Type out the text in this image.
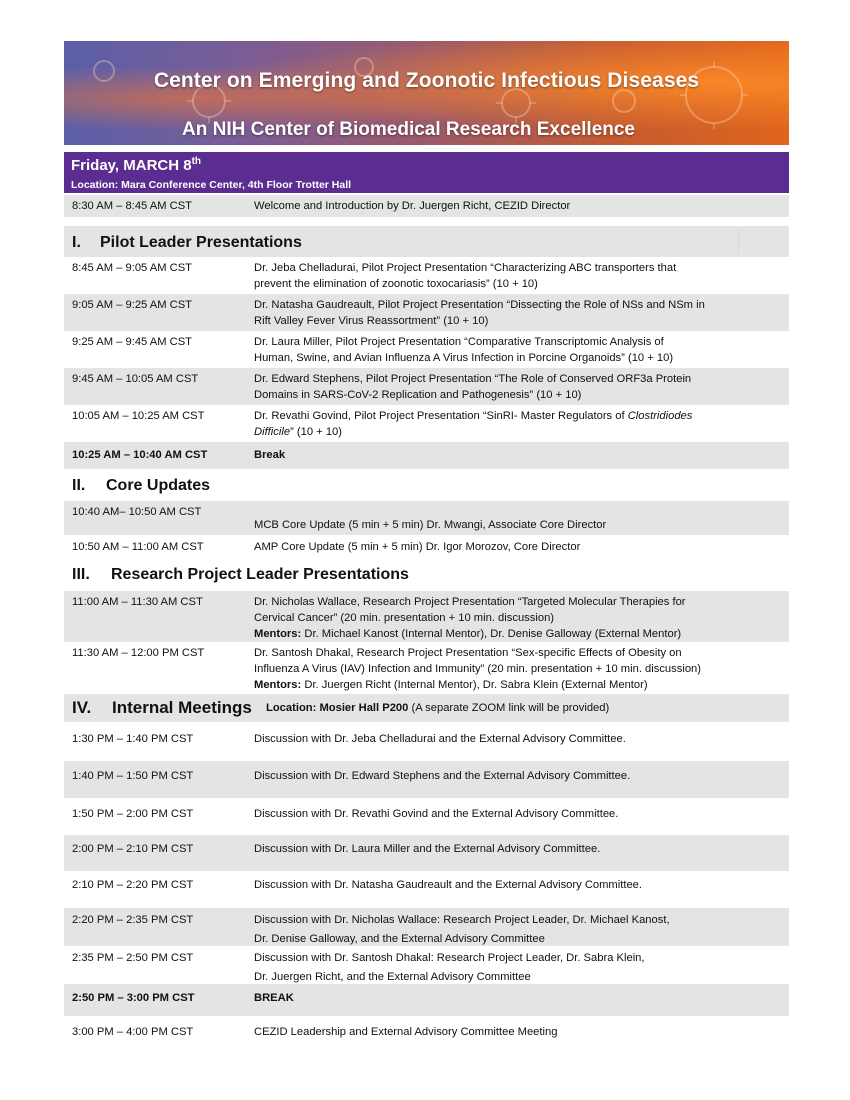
Center on Emerging and Zoonotic Infectious Diseases
An NIH Center of Biomedical Research Excellence
Friday, MARCH 8th
Location: Mara Conference Center, 4th Floor Trotter Hall
8:30 AM – 8:45 AM CST	Welcome and Introduction by Dr. Juergen Richt, CEZID Director
I. Pilot Leader Presentations
8:45 AM – 9:05 AM CST	Dr. Jeba Chelladurai, Pilot Project Presentation “Characterizing ABC transporters that
prevent the elimination of zoonotic toxocariasis” (10 + 10)
9:05 AM – 9:25 AM CST	Dr. Natasha Gaudreault, Pilot Project Presentation “Dissecting the Role of NSs and NSm in
Rift Valley Fever Virus Reassortment” (10 + 10)
9:25 AM – 9:45 AM CST	Dr. Laura Miller, Pilot Project Presentation “Comparative Transcriptomic Analysis of
Human, Swine, and Avian Influenza A Virus Infection in Porcine Organoids” (10 + 10)
9:45 AM – 10:05 AM CST	Dr. Edward Stephens, Pilot Project Presentation “The Role of Conserved ORF3a Protein
Domains in SARS-CoV-2 Replication and Pathogenesis” (10 + 10)
10:05 AM – 10:25 AM CST	Dr. Revathi Govind, Pilot Project Presentation “SinRI- Master Regulators of Clostridiodes
Difficile” (10 + 10)
10:25 AM – 10:40 AM CST	Break
II. Core Updates
10:40 AM– 10:50 AM CST
MCB Core Update (5 min + 5 min) Dr. Mwangi, Associate Core Director
10:50 AM – 11:00 AM CST	AMP Core Update (5 min + 5 min) Dr. Igor Morozov, Core Director
III. Research Project Leader Presentations
11:00 AM – 11:30 AM CST	Dr. Nicholas Wallace, Research Project Presentation “Targeted Molecular Therapies for
Cervical Cancer” (20 min. presentation + 10 min. discussion)
Mentors: Dr. Michael Kanost (Internal Mentor), Dr. Denise Galloway (External Mentor)
11:30 AM – 12:00 PM CST	Dr. Santosh Dhakal, Research Project Presentation “Sex-specific Effects of Obesity on
Influenza A Virus (IAV) Infection and Immunity” (20 min. presentation + 10 min. discussion)
Mentors: Dr. Juergen Richt (Internal Mentor), Dr. Sabra Klein (External Mentor)
IV. Internal Meetings Location: Mosier Hall P200 (A separate ZOOM link will be provided)
1:30 PM – 1:40 PM CST	Discussion with Dr. Jeba Chelladurai and the External Advisory Committee.
1:40 PM – 1:50 PM CST	Discussion with Dr. Edward Stephens and the External Advisory Committee.
1:50 PM – 2:00 PM CST	Discussion with Dr. Revathi Govind and the External Advisory Committee.
2:00 PM – 2:10 PM CST	Discussion with Dr. Laura Miller and the External Advisory Committee.
2:10 PM – 2:20 PM CST	Discussion with Dr. Natasha Gaudreault and the External Advisory Committee.
2:20 PM – 2:35 PM CST	Discussion with Dr. Nicholas Wallace: Research Project Leader, Dr. Michael Kanost,
Dr. Denise Galloway, and the External Advisory Committee
2:35 PM – 2:50 PM CST	Discussion with Dr. Santosh Dhakal: Research Project Leader, Dr. Sabra Klein,
Dr. Juergen Richt, and the External Advisory Committee
2:50 PM – 3:00 PM CST	BREAK
3:00 PM – 4:00 PM CST	CEZID Leadership and External Advisory Committee Meeting
